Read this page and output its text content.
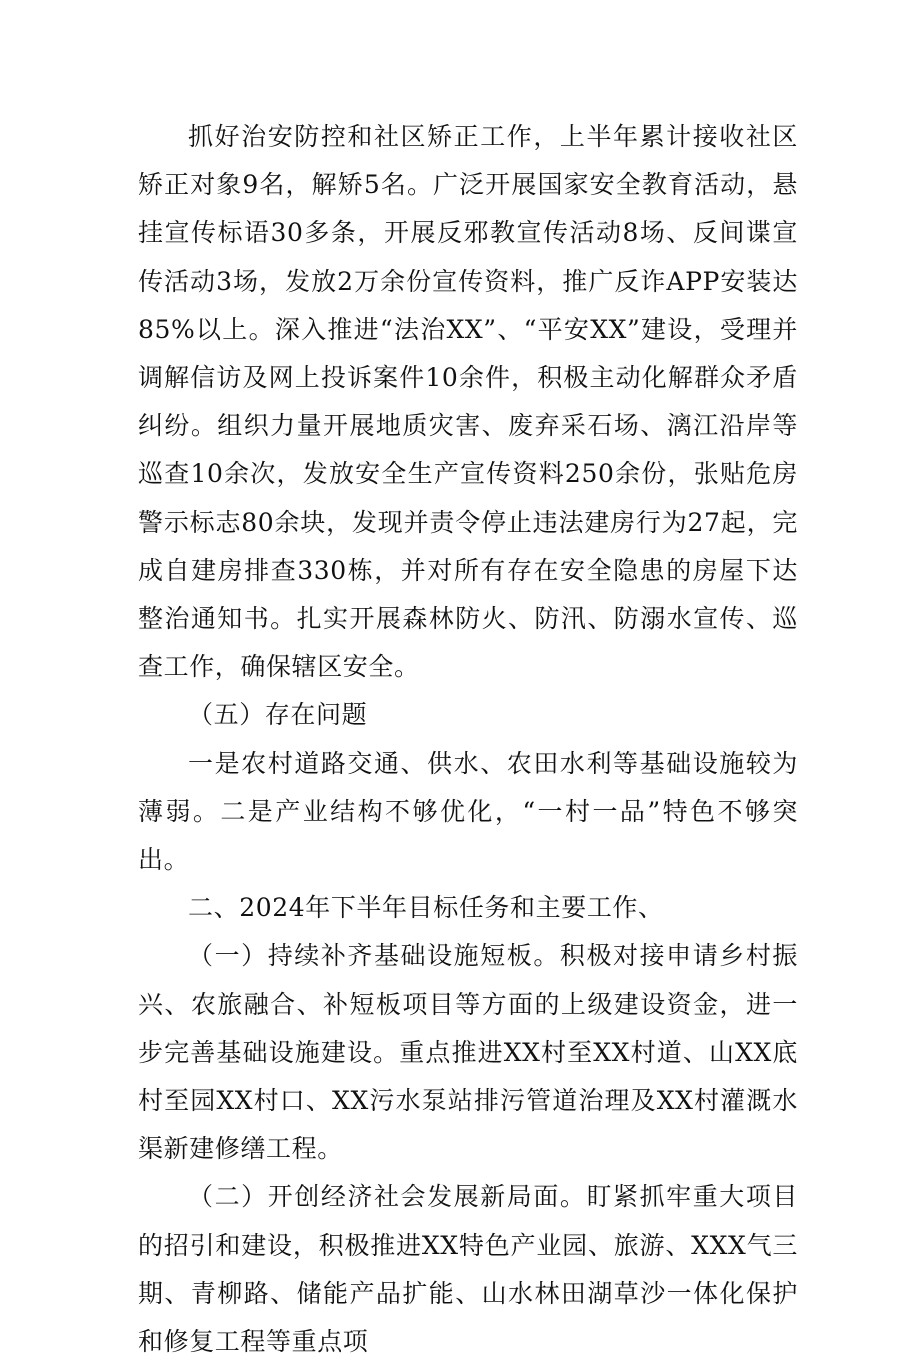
抓好治安防控和社区矫正工作，上半年累计接收社区矫正对象9名，解矫5名。广泛开展国家安全教育活动，悬挂宣传标语30多条，开展反邪教宣传活动8场、反间谍宣传活动3场，发放2万余份宣传资料，推广反诈APP安装达85%以上。深入推进“法治XX”、“平安XX”建设，受理并调解信访及网上投诉案件10余件，积极主动化解群众矛盾纠纷。组织力量开展地质灾害、废弃采石场、漓江沿岸等巡查10余次，发放安全生产宣传资料250余份，张贴危房警示标志80余块，发现并责令停止违法建房行为27起，完成自建房排查330栋，并对所有存在安全隐患的房屋下达整治通知书。扎实开展森林防火、防汛、防溺水宣传、巡查工作，确保辖区安全。

（五）存在问题

一是农村道路交通、供水、农田水利等基础设施较为薄弱。二是产业结构不够优化，“一村一品”特色不够突出。

二、2024年下半年目标任务和主要工作、

（一）持续补齐基础设施短板。积极对接申请乡村振兴、农旅融合、补短板项目等方面的上级建设资金，进一步完善基础设施建设。重点推进XX村至XX村道、山XX底村至园XX村口、XX污水泵站排污管道治理及XX村灌溉水渠新建修缮工程。

（二）开创经济社会发展新局面。盯紧抓牢重大项目的招引和建设，积极推进XX特色产业园、旅游、XXX气三期、青柳路、储能产品扩能、山水林田湖草沙一体化保护和修复工程等重点项
